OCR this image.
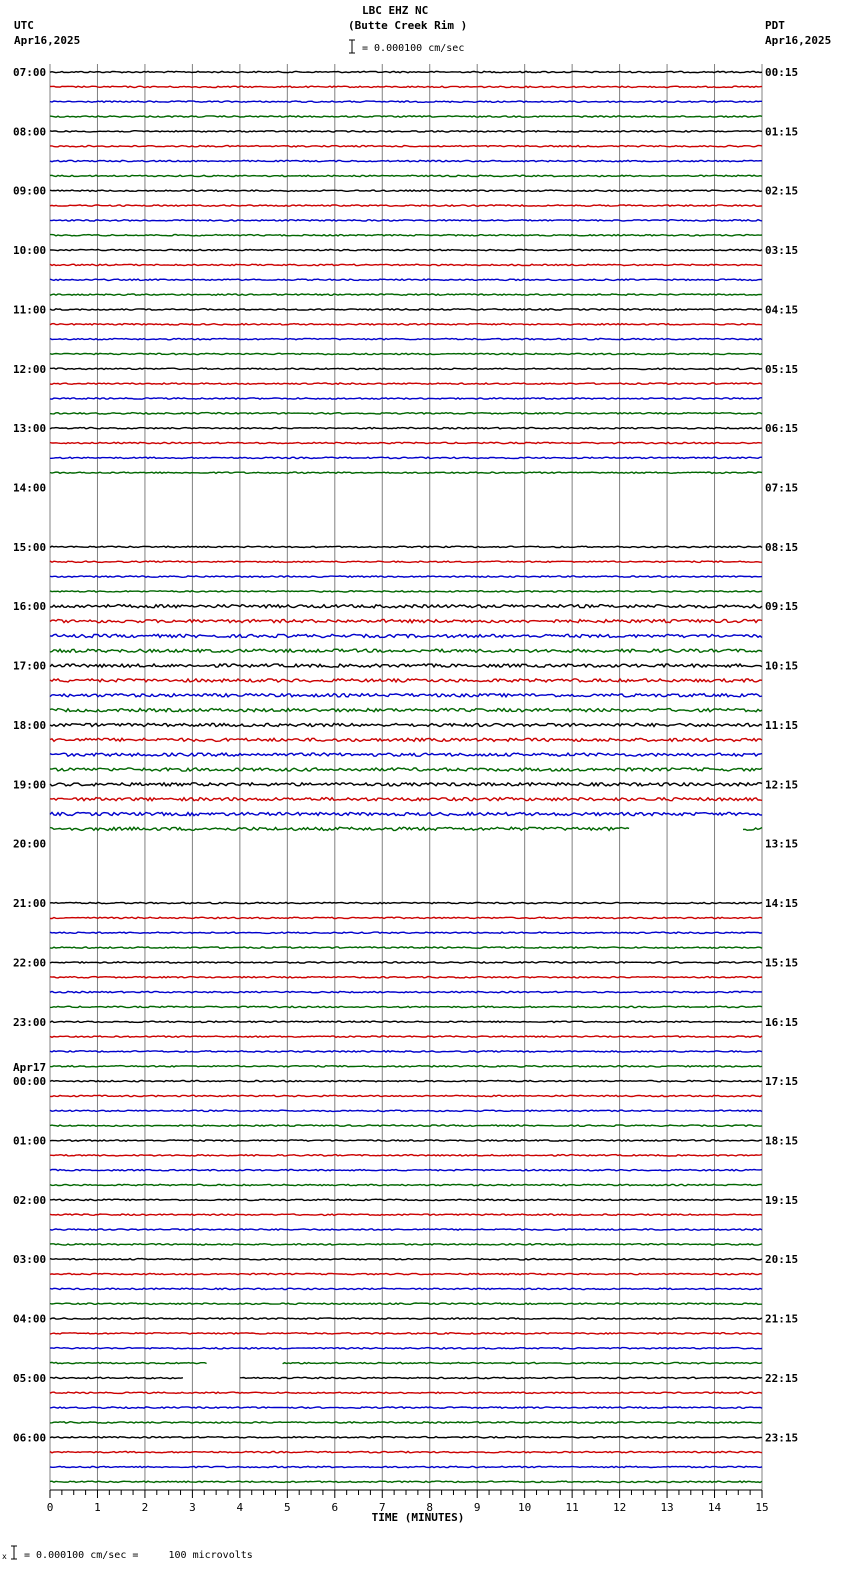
LBC EHZ NC
(Butte Creek Rim )
= 0.000100 cm/sec
UTC
Apr16,2025
PDT
Apr16,2025
0	1	2	3	4	5	6	7	8	9	10	11	12	13	14	15
TIME (MINUTES)
07:00	00:15
08:00	01:15
09:00	02:15
10:00	03:15
11:00	04:15
12:00	05:15
13:00	06:15
14:00	07:15
15:00	08:15
16:00	09:15
17:00	10:15
18:00	11:15
19:00	12:15
20:00	13:15
21:00	14:15
22:00	15:15
23:00	16:15
00:00	17:15
01:00	18:15
02:00	19:15
03:00	20:15
04:00	21:15
05:00	22:15
06:00	23:15
Apr17
x = 0.000100 cm/sec =     100 microvolts
